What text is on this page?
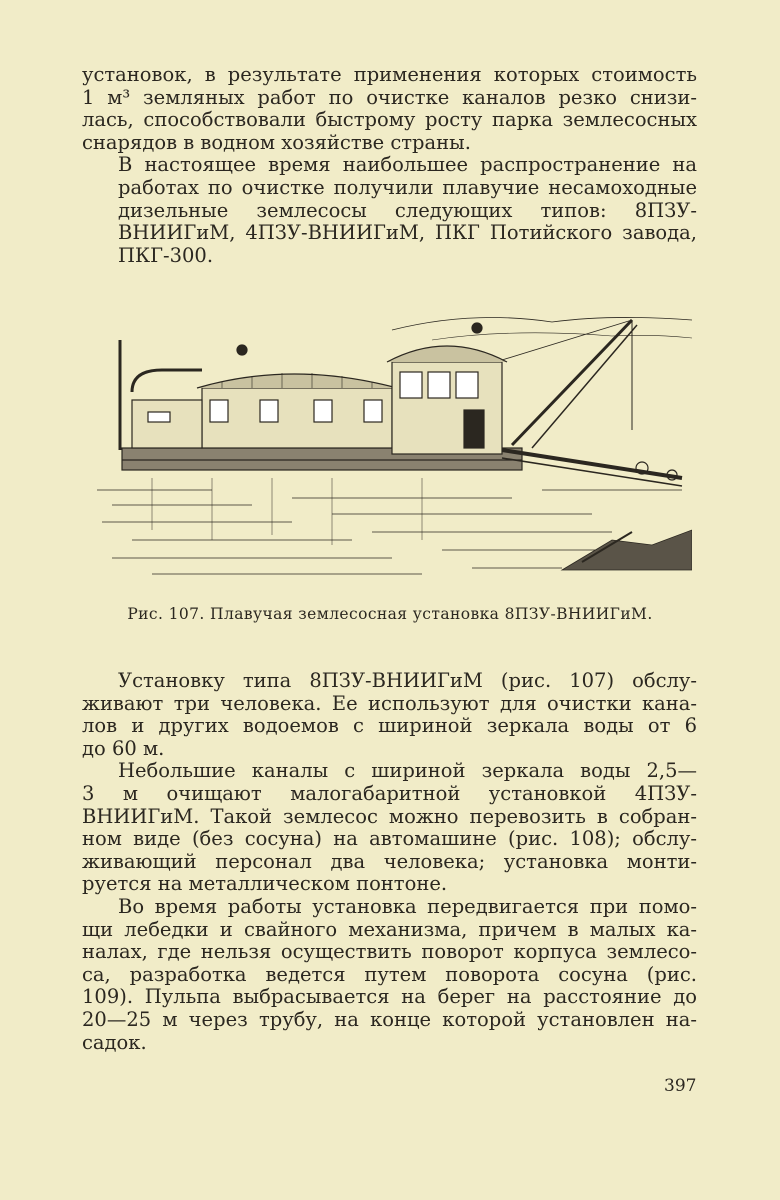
установок, в результате применения которых стоимость
1 м³ земляных работ по очистке каналов резко снизи-
лась, способствовали быстрому росту парка землесосных
снарядов в водном хозяйстве страны.

В настоящее время наибольшее распространение на
работах по очистке получили плавучие несамоходные
дизельные землесосы следующих типов: 8ПЗУ-
ВНИИГиМ, 4ПЗУ-ВНИИГиМ, ПКГ Потийского завода,
ПКГ-300.

Рис. 107. Плавучая землесосная установка 8ПЗУ-ВНИИГиМ.

Установку типа 8ПЗУ-ВНИИГиМ (рис. 107) обслу-
живают три человека. Ее используют для очистки кана-
лов и других водоемов с шириной зеркала воды от 6
до 60 м.

Небольшие каналы с шириной зеркала воды 2,5—
3 м очищают малогабаритной установкой 4ПЗУ-
ВНИИГиМ. Такой землесос можно перевозить в собран-
ном виде (без сосуна) на автомашине (рис. 108); обслу-
живающий персонал два человека; установка монти-
руется на металлическом понтоне.

Во время работы установка передвигается при помо-
щи лебедки и свайного механизма, причем в малых ка-
налах, где нельзя осуществить поворот корпуса землесо-
са, разработка ведется путем поворота сосуна (рис.
109). Пульпа выбрасывается на берег на расстояние до
20—25 м через трубу, на конце которой установлен на-
садок.

397
